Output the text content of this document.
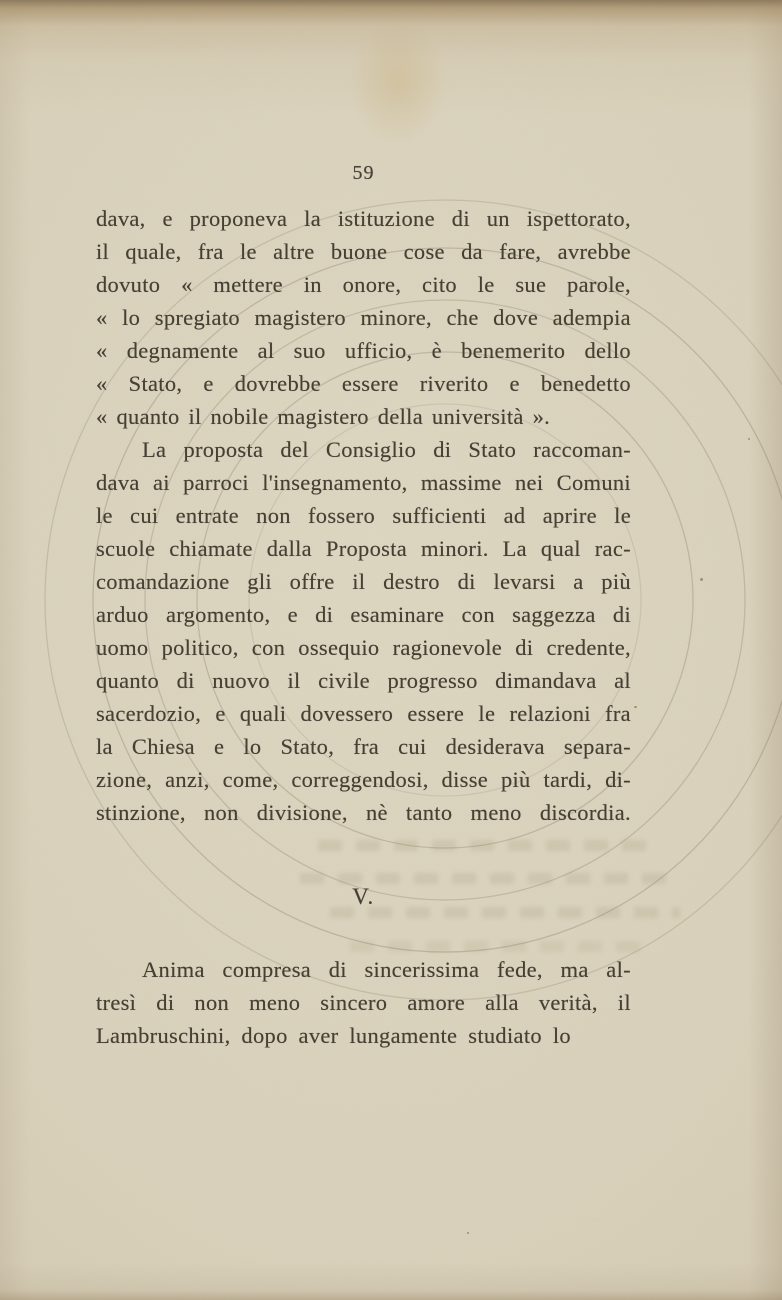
59
dava, e proponeva la istituzione di un ispettorato,
il quale, fra le altre buone cose da fare, avrebbe
dovuto « mettere in onore, cito le sue parole,
« lo spregiato magistero minore, che dove adempia
« degnamente al suo ufficio, è benemerito dello
« Stato, e dovrebbe essere riverito e benedetto
« quanto il nobile magistero della università ».
La proposta del Consiglio di Stato raccoman-
dava ai parroci l'insegnamento, massime nei Comuni
le cui entrate non fossero sufficienti ad aprire le
scuole chiamate dalla Proposta minori. La qual rac-
comandazione gli offre il destro di levarsi a più
arduo argomento, e di esaminare con saggezza di
uomo politico, con ossequio ragionevole di credente,
quanto di nuovo il civile progresso dimandava al
sacerdozio, e quali dovessero essere le relazioni fra
la Chiesa e lo Stato, fra cui desiderava separa-
zione, anzi, come, correggendosi, disse più tardi, di-
stinzione, non divisione, nè tanto meno discordia.
V.
Anima compresa di sincerissima fede, ma al-
tresì di non meno sincero amore alla verità, il
Lambruschini, dopo aver lungamente studiato lo
